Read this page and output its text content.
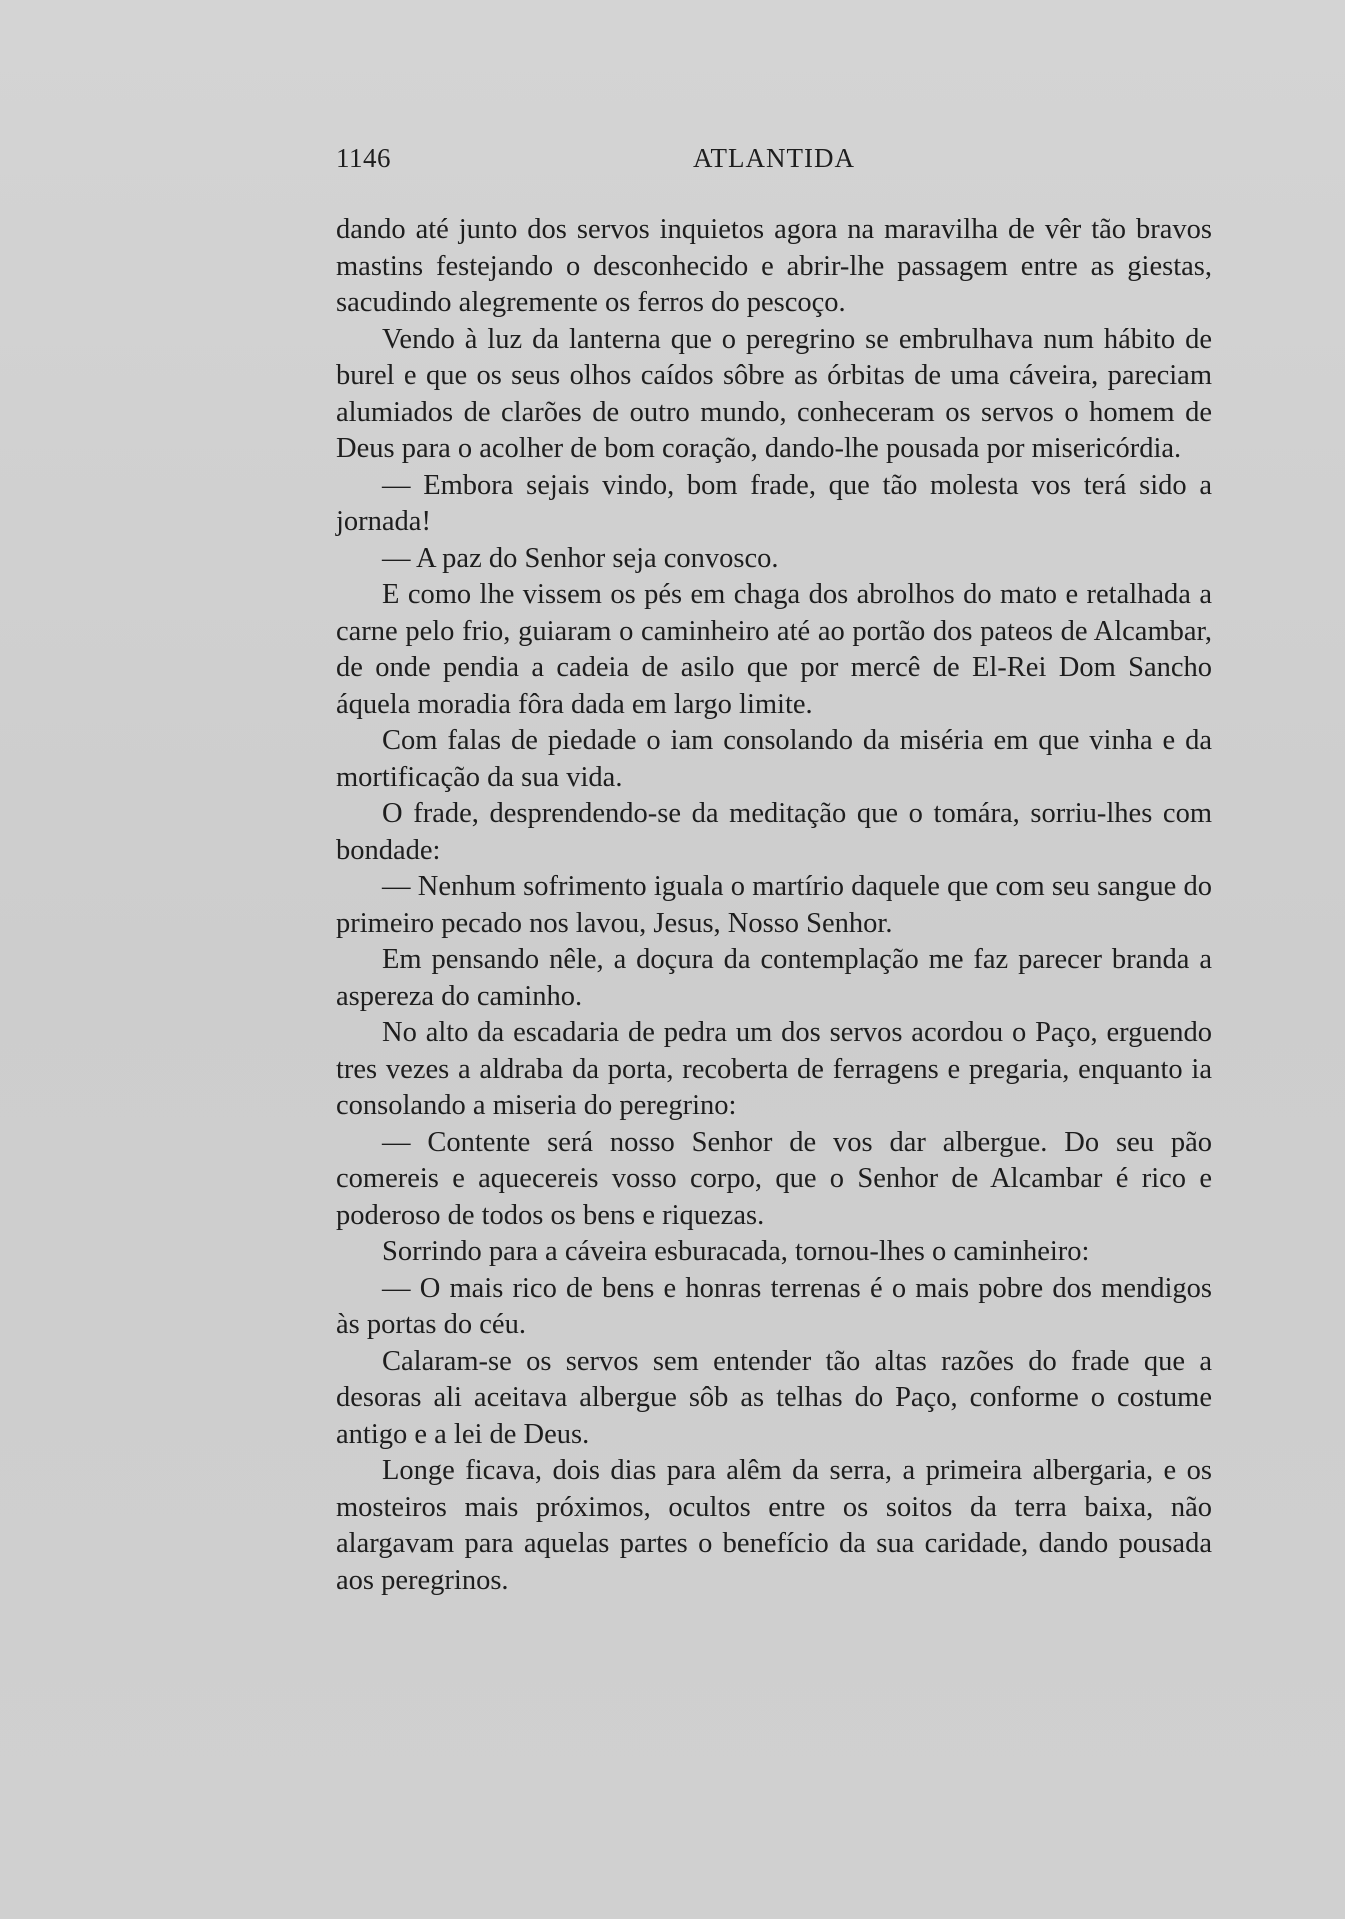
1146	ATLANTIDA

dando até junto dos servos inquietos agora na maravilha de vêr tão bravos mastins festejando o desconhecido e abrir-lhe passagem entre as giestas, sacudindo alegremente os ferros do pescoço.

Vendo à luz da lanterna que o peregrino se embrulhava num hábito de burel e que os seus olhos caídos sôbre as órbitas de uma cáveira, pareciam alumiados de clarões de outro mundo, conheceram os servos o homem de Deus para o acolher de bom coração, dando-lhe pousada por misericórdia.

— Embora sejais vindo, bom frade, que tão molesta vos terá sido a jornada!

— A paz do Senhor seja convosco.

E como lhe vissem os pés em chaga dos abrolhos do mato e retalhada a carne pelo frio, guiaram o caminheiro até ao portão dos pateos de Alcambar, de onde pendia a cadeia de asilo que por mercê de El-Rei Dom Sancho áquela moradia fôra dada em largo limite.

Com falas de piedade o iam consolando da miséria em que vinha e da mortificação da sua vida.

O frade, desprendendo-se da meditação que o tomára, sorriu-lhes com bondade:

— Nenhum sofrimento iguala o martírio daquele que com seu sangue do primeiro pecado nos lavou, Jesus, Nosso Senhor.

Em pensando nêle, a doçura da contemplação me faz parecer branda a aspereza do caminho.

No alto da escadaria de pedra um dos servos acordou o Paço, erguendo tres vezes a aldraba da porta, recoberta de ferragens e pregaria, enquanto ia consolando a miseria do peregrino:

— Contente será nosso Senhor de vos dar albergue. Do seu pão comereis e aquecereis vosso corpo, que o Senhor de Alcambar é rico e poderoso de todos os bens e riquezas.

Sorrindo para a cáveira esburacada, tornou-lhes o caminheiro:

— O mais rico de bens e honras terrenas é o mais pobre dos mendigos às portas do céu.

Calaram-se os servos sem entender tão altas razões do frade que a desoras ali aceitava albergue sôb as telhas do Paço, conforme o costume antigo e a lei de Deus.

Longe ficava, dois dias para alêm da serra, a primeira albergaria, e os mosteiros mais próximos, ocultos entre os soitos da terra baixa, não alargavam para aquelas partes o benefício da sua caridade, dando pousada aos peregrinos.
